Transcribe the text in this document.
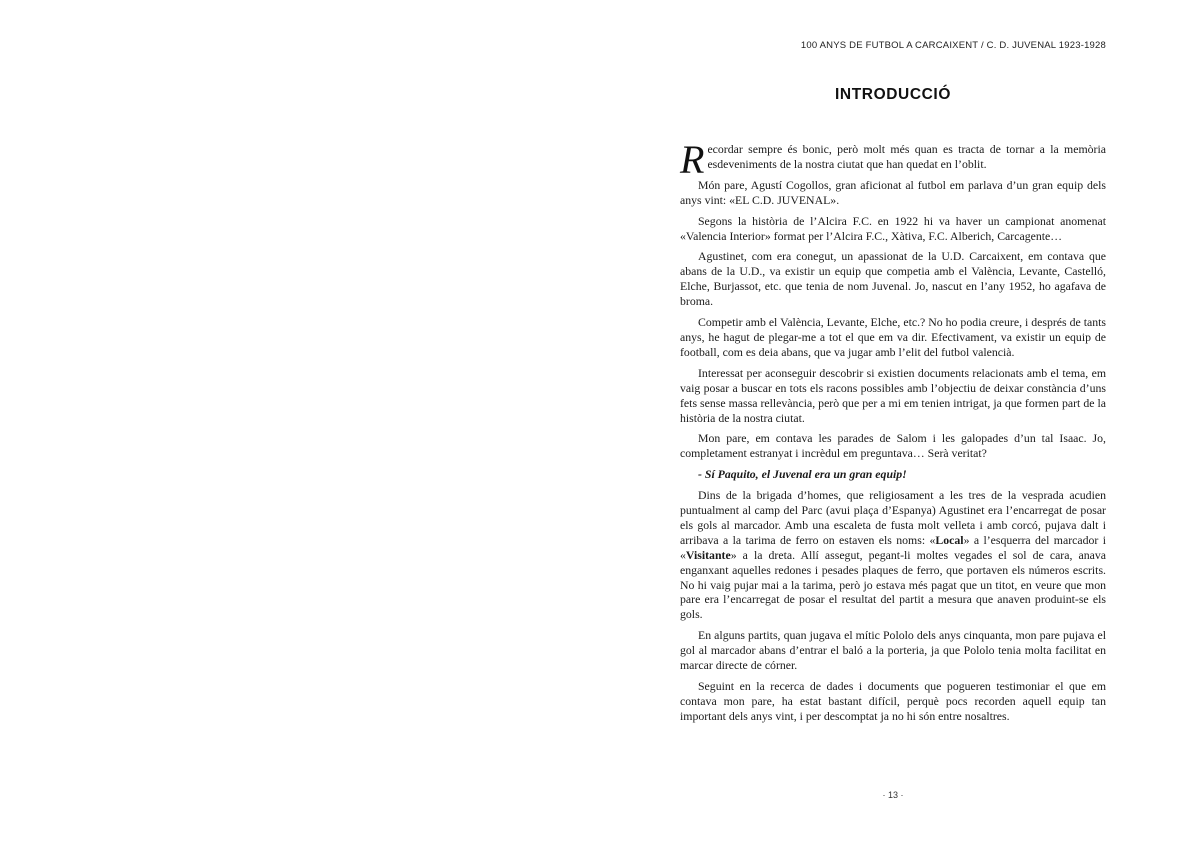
100 ANYS DE FUTBOL A CARCAIXENT / C. D. JUVENAL 1923-1928
INTRODUCCIÓ

Recordar sempre és bonic, però molt més quan es tracta de tornar a la memòria esdeveniments de la nostra ciutat que han quedat en l’oblit.

Món pare, Agustí Cogollos, gran aficionat al futbol em parlava d’un gran equip dels anys vint: «EL C.D. JUVENAL».

Segons la història de l’Alcira F.C. en 1922 hi va haver un campionat anomenat «Valencia Interior» format per l’Alcira F.C., Xàtiva, F.C. Alberich, Carcagente…

Agustinet, com era conegut, un apassionat de la U.D. Carcaixent, em contava que abans de la U.D., va existir un equip que competia amb el València, Levante, Castelló, Elche, Burjassot, etc. que tenia de nom Juvenal. Jo, nascut en l’any 1952, ho agafava de broma.

Competir amb el València, Levante, Elche, etc.? No ho podia creure, i després de tants anys, he hagut de plegar-me a tot el que em va dir. Efectivament, va existir un equip de football, com es deia abans, que va jugar amb l’elit del futbol valencià.

Interessat per aconseguir descobrir si existien documents relacionats amb el tema, em vaig posar a buscar en tots els racons possibles amb l’objectiu de deixar constància d’uns fets sense massa rellevància, però que per a mi em tenien intrigat, ja que formen part de la història de la nostra ciutat.

Mon pare, em contava les parades de Salom i les galopades d’un tal Isaac. Jo, completament estranyat i incrèdul em preguntava… Serà veritat?

- Sí Paquito, el Juvenal era un gran equip!

Dins de la brigada d’homes, que religiosament a les tres de la vesprada acudien puntualment al camp del Parc (avui plaça d’Espanya) Agustinet era l’encarregat de posar els gols al marcador. Amb una escaleta de fusta molt velleta i amb corcó, pujava dalt i arribava a la tarima de ferro on estaven els noms: «Local» a l’esquerra del marcador i «Visitante» a la dreta. Allí assegut, pegant-li moltes vegades el sol de cara, anava enganxant aquelles redones i pesades plaques de ferro, que portaven els números escrits. No hi vaig pujar mai a la tarima, però jo estava més pagat que un titot, en veure que mon pare era l’encarregat de posar el resultat del partit a mesura que anaven produint-se els gols.

En alguns partits, quan jugava el mític Pololo dels anys cinquanta, mon pare pujava el gol al marcador abans d’entrar el baló a la porteria, ja que Pololo tenia molta facilitat en marcar directe de córner.

Seguint en la recerca de dades i documents que pogueren testimoniar el que em contava mon pare, ha estat bastant difícil, perquè pocs recorden aquell equip tan important dels anys vint, i per descomptat ja no hi són entre nosaltres.

· 13 ·
